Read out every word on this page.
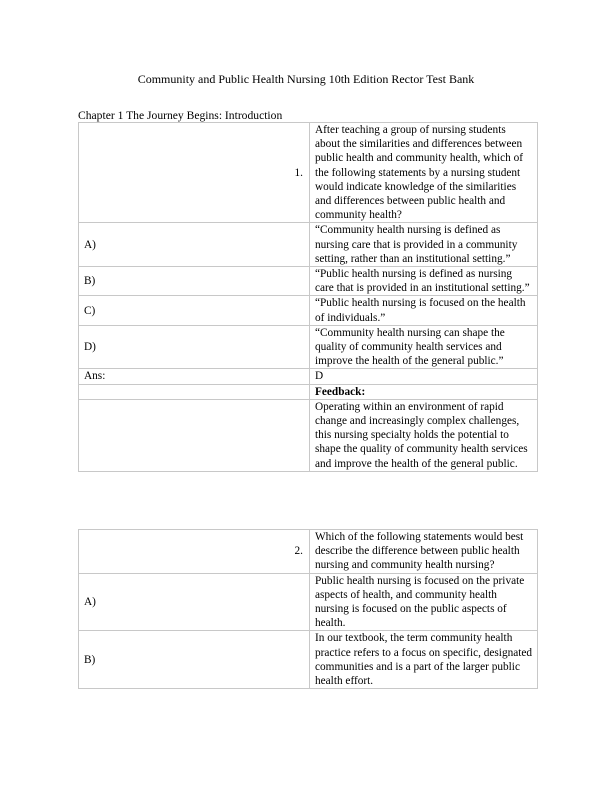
Community and Public Health Nursing 10th Edition Rector Test Bank
Chapter 1 The Journey Begins: Introduction
1.	After teaching a group of nursing students about the similarities and differences between public health and community health, which of the following statements by a nursing student would indicate knowledge of the similarities and differences between public health and community health?
A)	“Community health nursing is defined as nursing care that is provided in a community setting, rather than an institutional setting.”
B)	“Public health nursing is defined as nursing care that is provided in an institutional setting.”
C)	“Public health nursing is focused on the health of individuals.”
D)	“Community health nursing can shape the quality of community health services and improve the health of the general public.”
Ans:	D
	Feedback:
	Operating within an environment of rapid change and increasingly complex challenges, this nursing specialty holds the potential to shape the quality of community health services and improve the health of the general public.
2.	Which of the following statements would best describe the difference between public health nursing and community health nursing?
A)	Public health nursing is focused on the private aspects of health, and community health nursing is focused on the public aspects of health.
B)	In our textbook, the term community health practice refers to a focus on specific, designated communities and is a part of the larger public health effort.
